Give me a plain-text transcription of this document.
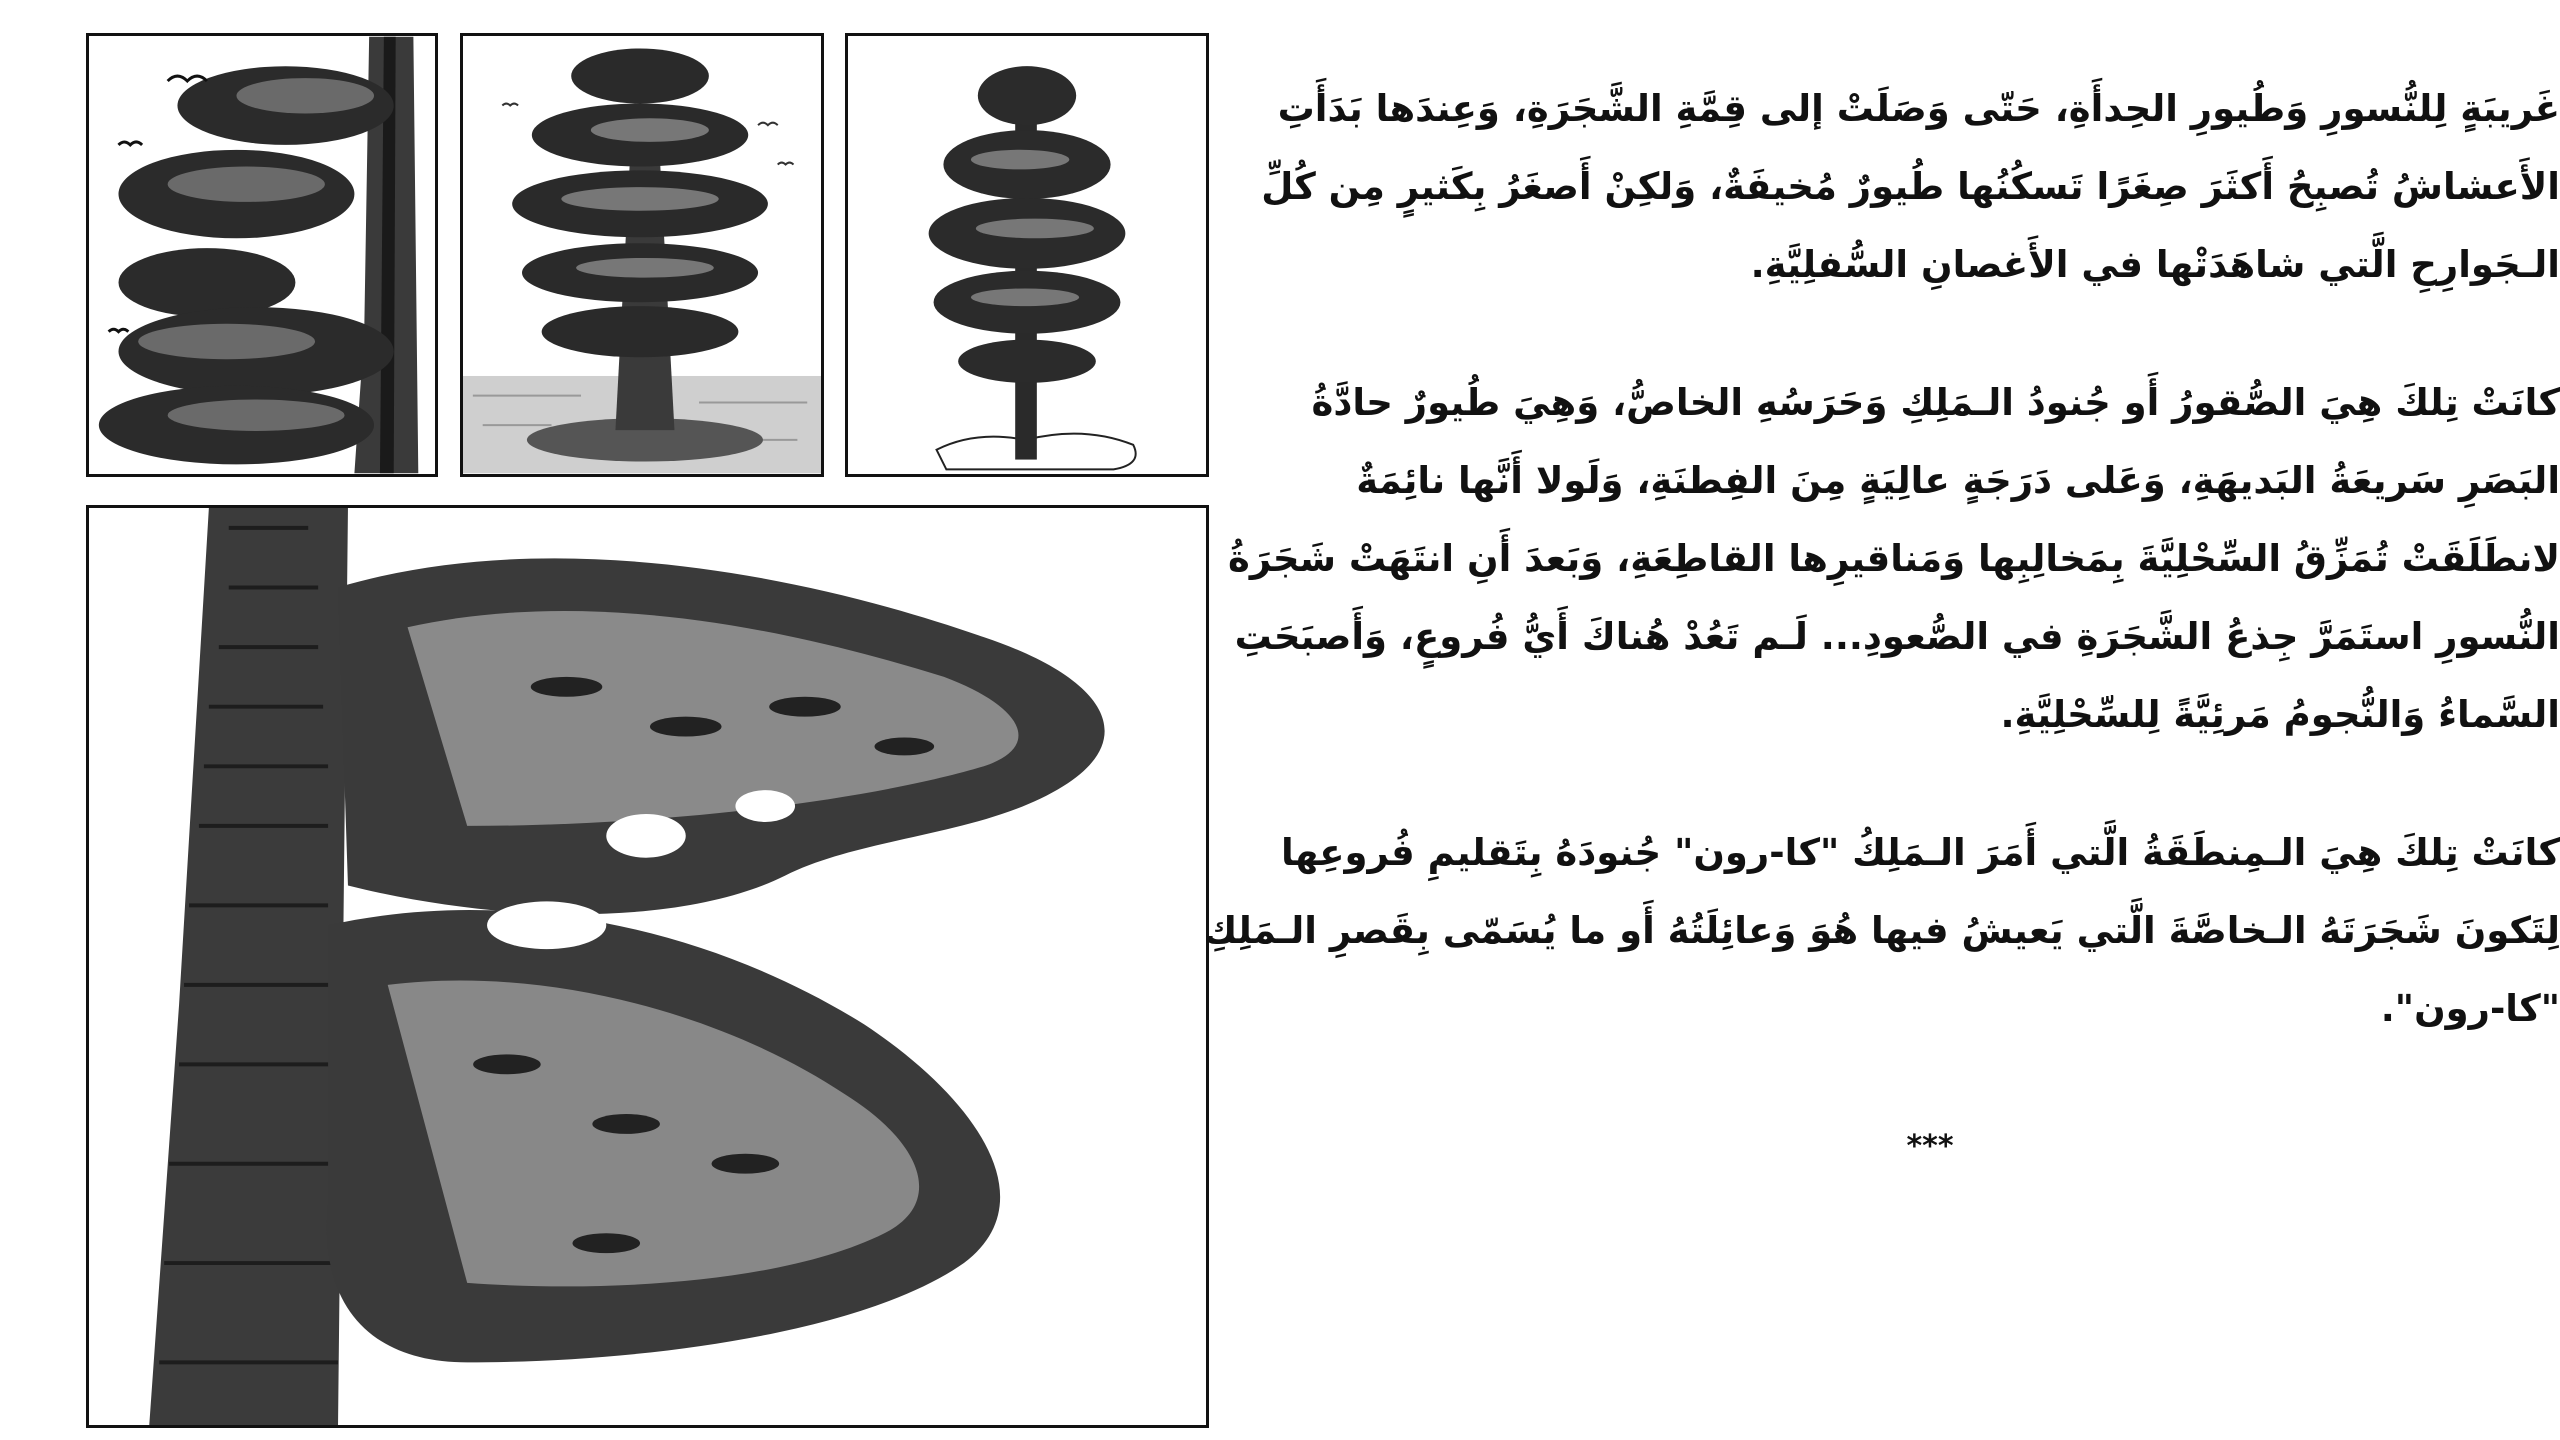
غَريبَةٍ لِلنُّسورِ وَطُيورِ الحِدأَةِ، حَتّى وَصَلَتْ إلى قِمَّةِ الشَّجَرَةِ، وَعِندَها بَدَأَتِ
الأَعشاشُ تُصبِحُ أَكثَرَ صِغَرًا تَسكُنُها طُيورٌ مُخيفَةٌ، وَلكِنْ أَصغَرُ بِكَثيرٍ مِن كُلِّ
الـجَوارِحِ الَّتي شاهَدَتْها في الأَغصانِ السُّفلِيَّةِ.
كانَتْ تِلكَ هِيَ الصُّقورُ أَو جُنودُ الـمَلِكِ وَحَرَسُهِ الخاصُّ، وَهِيَ طُيورٌ حادَّةُ
البَصَرِ سَريعَةُ البَديهَةِ، وَعَلى دَرَجَةٍ عالِيَةٍ مِنَ الفِطنَةِ، وَلَولا أَنَّها نائِمَةٌ
لانطَلَقَتْ تُمَزِّقُ السِّحْلِيَّةَ بِمَخالِبِها وَمَناقيرِها القاطِعَةِ، وَبَعدَ أَنِ انتَهَتْ شَجَرَةُ
النُّسورِ استَمَرَّ جِذعُ الشَّجَرَةِ في الصُّعودِ... لَـم تَعُدْ هُناكَ أَيُّ فُروعٍ، وَأَصبَحَتِ
السَّماءُ وَالنُّجومُ مَرئِيَّةً لِلسِّحْلِيَّةِ.
كانَتْ تِلكَ هِيَ الـمِنطَقَةُ الَّتي أَمَرَ الـمَلِكُ "كا-رون" جُنودَهُ بِتَقليمِ فُروعِها
لِتَكونَ شَجَرَتَهُ الـخاصَّةَ الَّتي يَعيشُ فيها هُوَ وَعائِلَتُهُ أَو ما يُسَمّى بِقَصرِ الـمَلِكِ
"كا-رون".
***
